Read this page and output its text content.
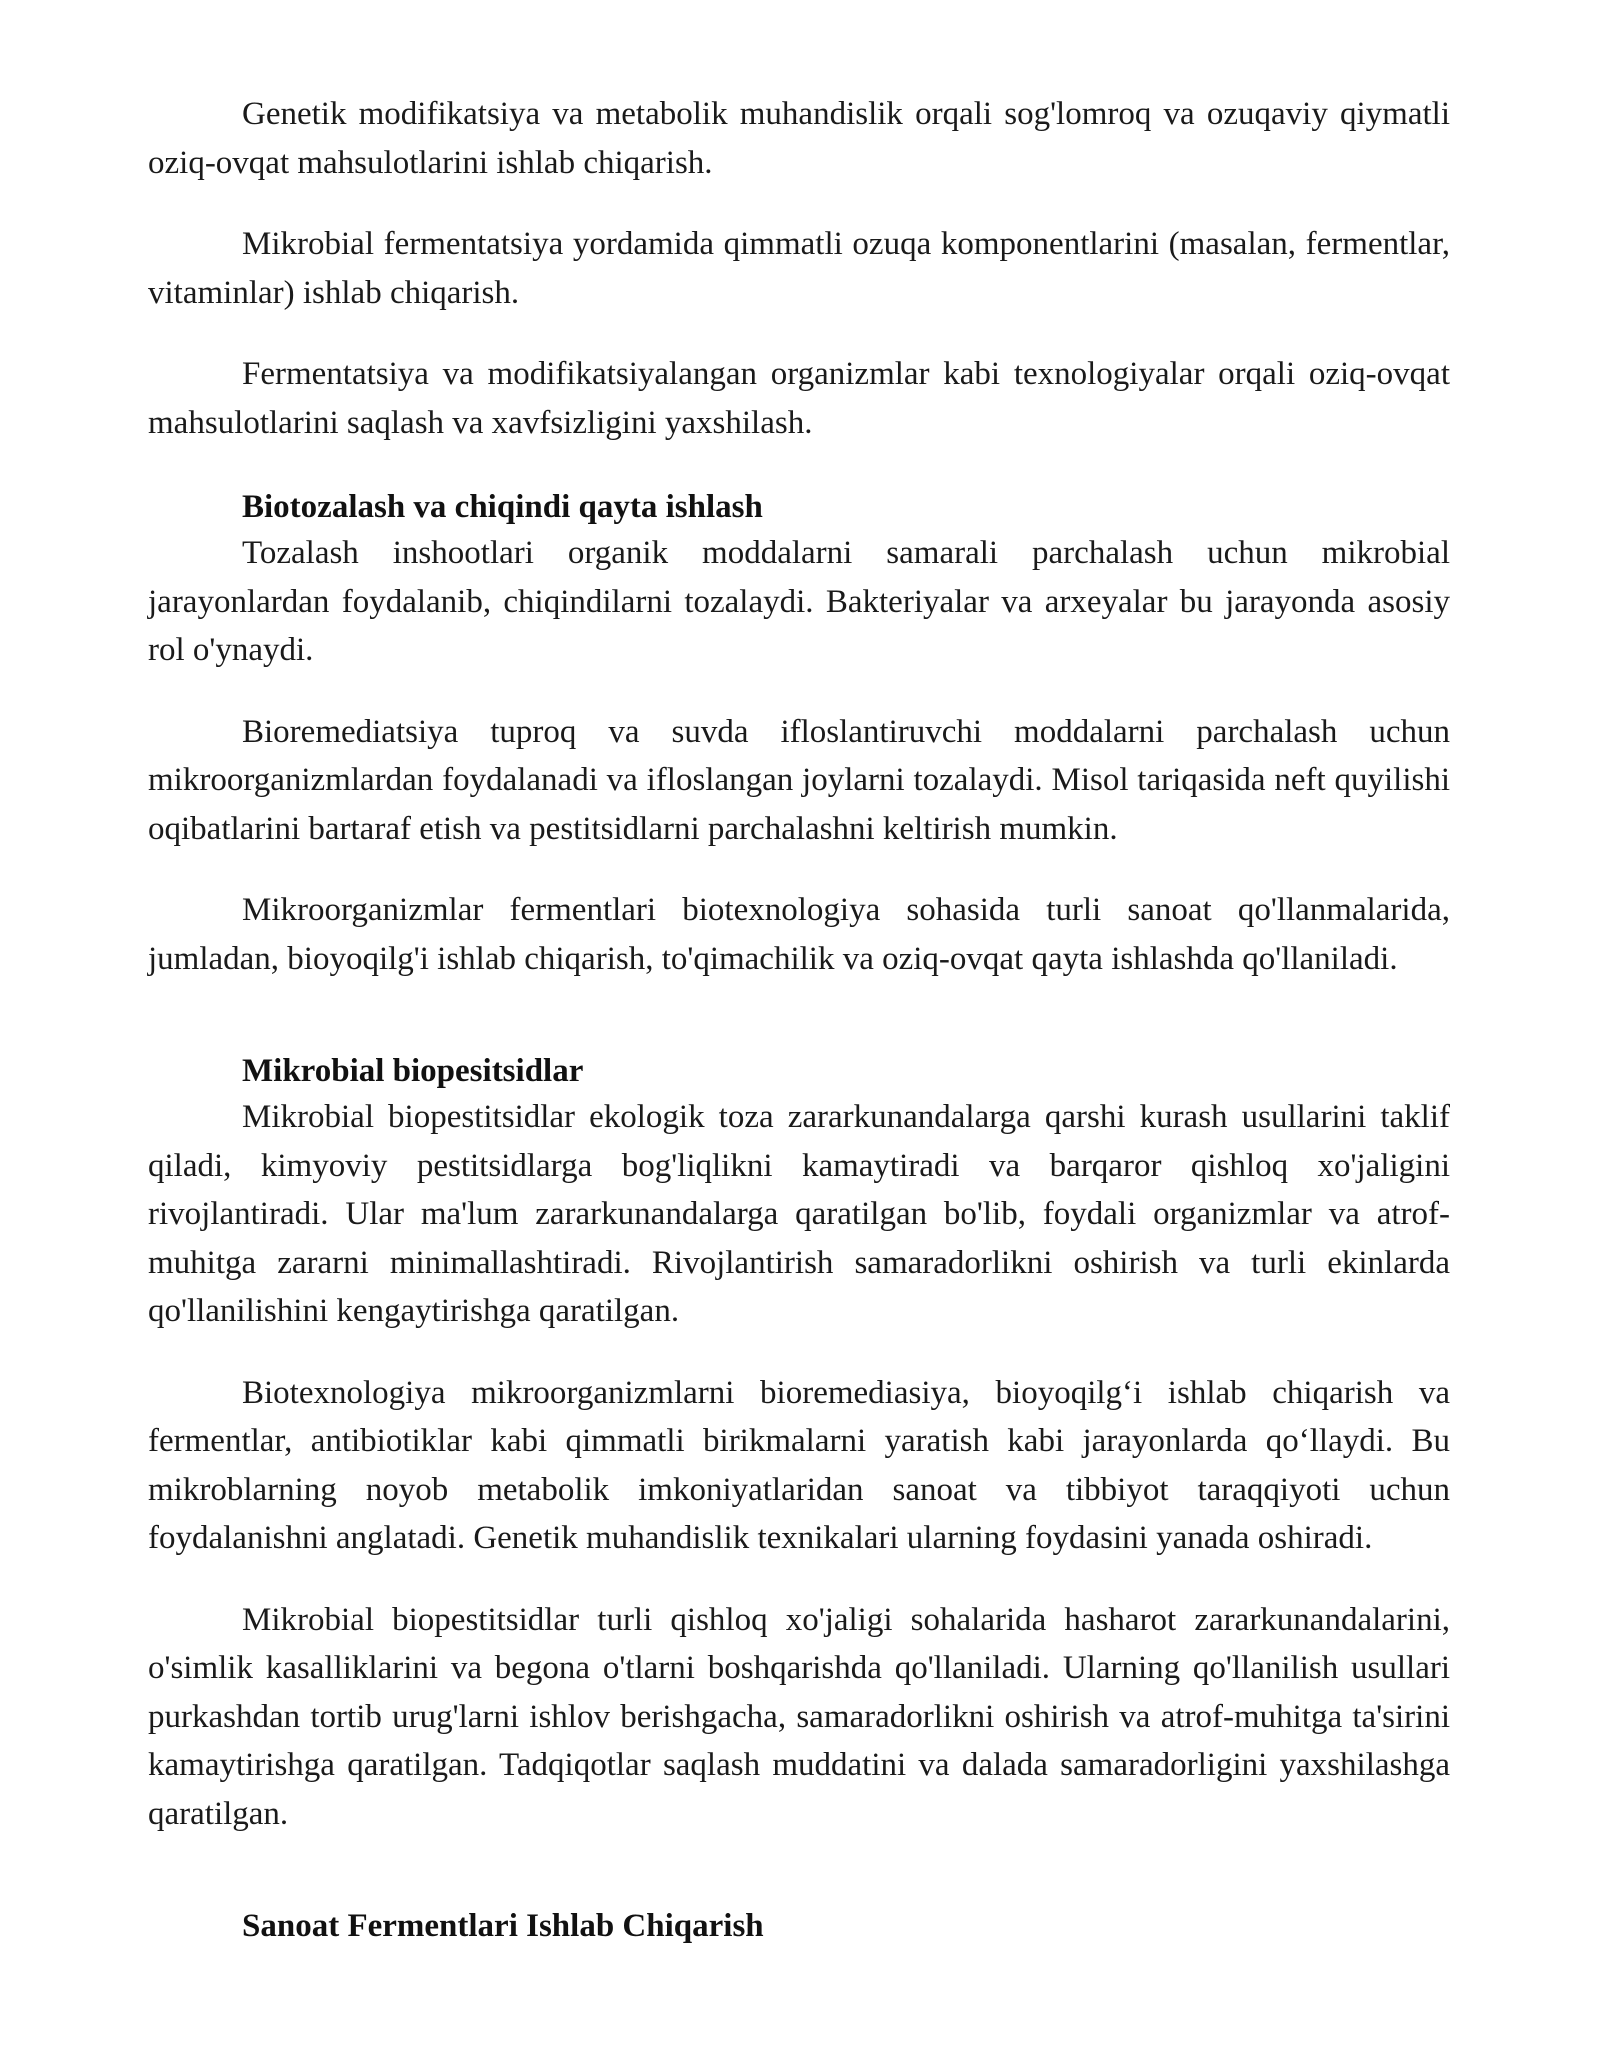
Genetik modifikatsiya va metabolik muhandislik orqali sog'lomroq va ozuqaviy qiymatli oziq-ovqat mahsulotlarini ishlab chiqarish.

Mikrobial fermentatsiya yordamida qimmatli ozuqa komponentlarini (masalan, fermentlar, vitaminlar) ishlab chiqarish.

Fermentatsiya va modifikatsiyalangan organizmlar kabi texnologiyalar orqali oziq-ovqat mahsulotlarini saqlash va xavfsizligini yaxshilash.

Biotozalash va chiqindi qayta ishlash

Tozalash inshootlari organik moddalarni samarali parchalash uchun mikrobial jarayonlardan foydalanib, chiqindilarni tozalaydi. Bakteriyalar va arxeyalar bu jarayonda asosiy rol o'ynaydi.

Bioremediatsiya tuproq va suvda ifloslantiruvchi moddalarni parchalash uchun mikroorganizmlardan foydalanadi va ifloslangan joylarni tozalaydi. Misol tariqasida neft quyilishi oqibatlarini bartaraf etish va pestitsidlarni parchalashni keltirish mumkin.

Mikroorganizmlar fermentlari biotexnologiya sohasida turli sanoat qo'llanmalarida, jumladan, bioyoqilg'i ishlab chiqarish, to'qimachilik va oziq-ovqat qayta ishlashda qo'llaniladi.

Mikrobial biopesitsidlar

Mikrobial biopestitsidlar ekologik toza zararkunandalarga qarshi kurash usullarini taklif qiladi, kimyoviy pestitsidlarga bog'liqlikni kamaytiradi va barqaror qishloq xo'jaligini rivojlantiradi. Ular ma'lum zararkunandalarga qaratilgan bo'lib, foydali organizmlar va atrof-muhitga zararni minimallashtiradi. Rivojlantirish samaradorlikni oshirish va turli ekinlarda qo'llanilishini kengaytirishga qaratilgan.

Biotexnologiya mikroorganizmlarni bioremediasiya, bioyoqilg‘i ishlab chiqarish va fermentlar, antibiotiklar kabi qimmatli birikmalarni yaratish kabi jarayonlarda qo‘llaydi. Bu mikroblarning noyob metabolik imkoniyatlaridan sanoat va tibbiyot taraqqiyoti uchun foydalanishni anglatadi. Genetik muhandislik texnikalari ularning foydasini yanada oshiradi.

Mikrobial biopestitsidlar turli qishloq xo'jaligi sohalarida hasharot zararkunandalarini, o'simlik kasalliklarini va begona o'tlarni boshqarishda qo'llaniladi. Ularning qo'llanilish usullari purkashdan tortib urug'larni ishlov berishgacha, samaradorlikni oshirish va atrof-muhitga ta'sirini kamaytirishga qaratilgan. Tadqiqotlar saqlash muddatini va dalada samaradorligini yaxshilashga qaratilgan.

Sanoat Fermentlari Ishlab Chiqarish
